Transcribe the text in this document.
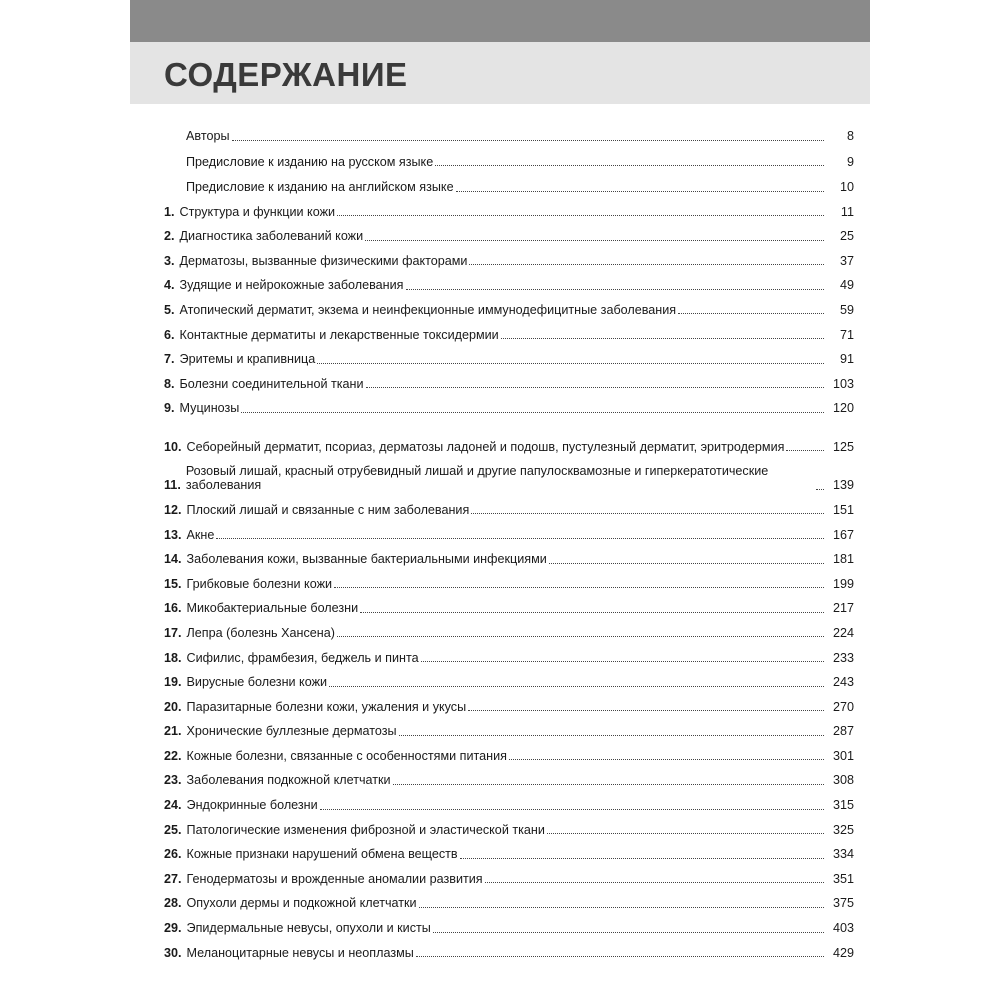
СОДЕРЖАНИЕ
Авторы	8
Предисловие к изданию на русском языке	9
Предисловие к изданию на английском языке	10
1. Структура и функции кожи	11
2. Диагностика заболеваний кожи	25
3. Дерматозы, вызванные физическими факторами	37
4. Зудящие и нейрокожные заболевания	49
5. Атопический дерматит, экзема и неинфекционные иммунодефицитные заболевания	59
6. Контактные дерматиты и лекарственные токсидермии	71
7. Эритемы и крапивница	91
8. Болезни соединительной ткани	103
9. Муцинозы	120
10. Себорейный дерматит, псориаз, дерматозы ладоней и подошв, пустулезный дерматит, эритродермия	125
11.
Розовый лишай, красный отрубевидный лишай и другие папулосквамозные и гиперкератотические заболевания	139
12. Плоский лишай и связанные с ним заболевания	151
13. Акне	167
14. Заболевания кожи, вызванные бактериальными инфекциями	181
15. Грибковые болезни кожи	199
16. Микобактериальные болезни	217
17. Лепра (болезнь Хансена)	224
18. Сифилис, фрамбезия, беджель и пинта	233
19. Вирусные болезни кожи	243
20. Паразитарные болезни кожи, ужаления и укусы	270
21. Хронические буллезные дерматозы	287
22. Кожные болезни, связанные с особенностями питания	301
23. Заболевания подкожной клетчатки	308
24. Эндокринные болезни	315
25. Патологические изменения фиброзной и эластической ткани	325
26. Кожные признаки нарушений обмена веществ	334
27. Генодерматозы и врожденные аномалии развития	351
28. Опухоли дермы и подкожной клетчатки	375
29. Эпидермальные невусы, опухоли и кисты	403
30. Меланоцитарные невусы и неоплазмы	429
